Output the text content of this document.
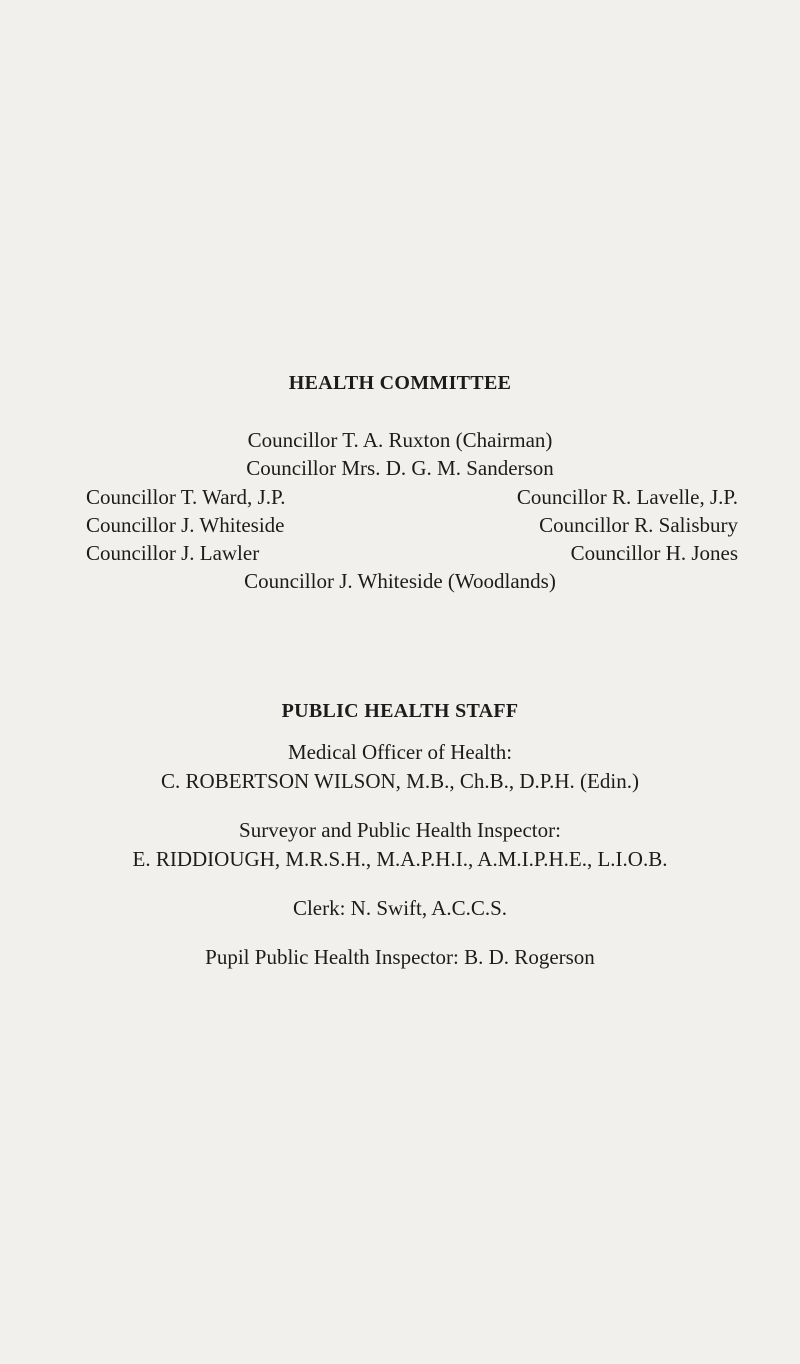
HEALTH COMMITTEE
Councillor T. A. Ruxton (Chairman)
Councillor Mrs. D. G. M. Sanderson
Councillor T. Ward, J.P.	Councillor R. Lavelle, J.P.
Councillor J. Whiteside	Councillor R. Salisbury
Councillor J. Lawler	Councillor H. Jones
Councillor J. Whiteside (Woodlands)
PUBLIC HEALTH STAFF
Medical Officer of Health:
C. ROBERTSON WILSON, M.B., Ch.B., D.P.H. (Edin.)
Surveyor and Public Health Inspector:
E. RIDDIOUGH, M.R.S.H., M.A.P.H.I., A.M.I.P.H.E., L.I.O.B.
Clerk: N. Swift, A.C.C.S.
Pupil Public Health Inspector: B. D. Rogerson
